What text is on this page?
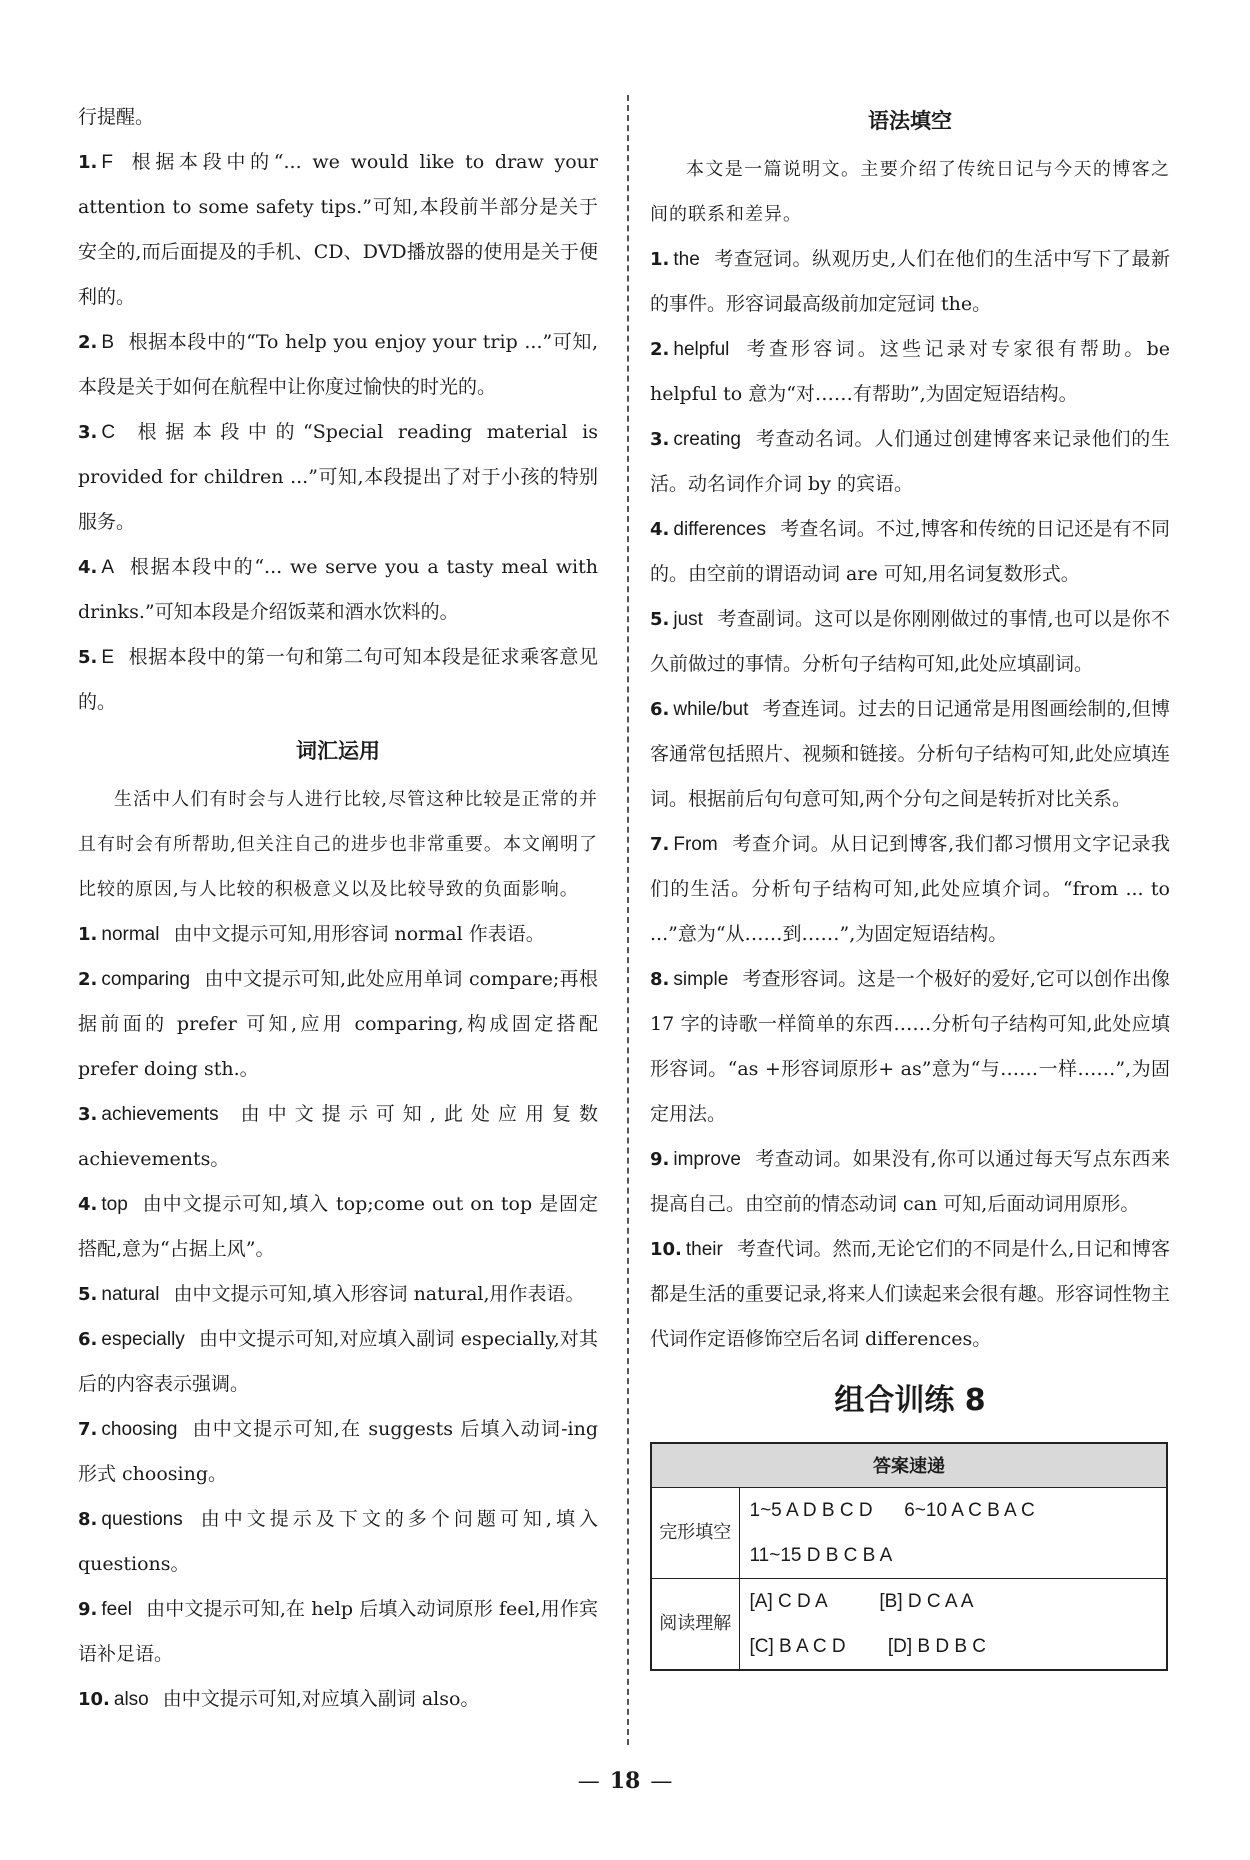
行提醒。

1. F 根据本段中的“... we would like to draw your attention to some safety tips.”可知,本段前半部分是关于安全的,而后面提及的手机、CD、DVD播放器的使用是关于便利的。

2. B 根据本段中的“To help you enjoy your trip ...”可知,本段是关于如何在航程中让你度过愉快的时光的。

3. C 根据本段中的“Special reading material is provided for children ...”可知,本段提出了对于小孩的特别服务。

4. A 根据本段中的“... we serve you a tasty meal with drinks.”可知本段是介绍饭菜和酒水饮料的。

5. E 根据本段中的第一句和第二句可知本段是征求乘客意见的。

词汇运用

生活中人们有时会与人进行比较,尽管这种比较是正常的并且有时会有所帮助,但关注自己的进步也非常重要。本文阐明了比较的原因,与人比较的积极意义以及比较导致的负面影响。

1. normal 由中文提示可知,用形容词 normal 作表语。

2. comparing 由中文提示可知,此处应用单词 compare;再根据前面的 prefer 可知,应用 comparing,构成固定搭配 prefer doing sth.。

3. achievements 由中文提示可知,此处应用复数 achievements。

4. top 由中文提示可知,填入 top;come out on top 是固定搭配,意为“占据上风”。

5. natural 由中文提示可知,填入形容词 natural,用作表语。

6. especially 由中文提示可知,对应填入副词 especially,对其后的内容表示强调。

7. choosing 由中文提示可知,在 suggests 后填入动词-ing 形式 choosing。

8. questions 由中文提示及下文的多个问题可知,填入 questions。

9. feel 由中文提示可知,在 help 后填入动词原形 feel,用作宾语补足语。

10. also 由中文提示可知,对应填入副词 also。

语法填空

本文是一篇说明文。主要介绍了传统日记与今天的博客之间的联系和差异。

1. the 考查冠词。纵观历史,人们在他们的生活中写下了最新的事件。形容词最高级前加定冠词 the。

2. helpful 考查形容词。这些记录对专家很有帮助。be helpful to 意为“对……有帮助”,为固定短语结构。

3. creating 考查动名词。人们通过创建博客来记录他们的生活。动名词作介词 by 的宾语。

4. differences 考查名词。不过,博客和传统的日记还是有不同的。由空前的谓语动词 are 可知,用名词复数形式。

5. just 考查副词。这可以是你刚刚做过的事情,也可以是你不久前做过的事情。分析句子结构可知,此处应填副词。

6. while/but 考查连词。过去的日记通常是用图画绘制的,但博客通常包括照片、视频和链接。分析句子结构可知,此处应填连词。根据前后句句意可知,两个分句之间是转折对比关系。

7. From 考查介词。从日记到博客,我们都习惯用文字记录我们的生活。分析句子结构可知,此处应填介词。“from ... to ...”意为“从……到……”,为固定短语结构。

8. simple 考查形容词。这是一个极好的爱好,它可以创作出像 17 字的诗歌一样简单的东西……分析句子结构可知,此处应填形容词。“as +形容词原形+ as”意为“与……一样……”,为固定用法。

9. improve 考查动词。如果没有,你可以通过每天写点东西来提高自己。由空前的情态动词 can 可知,后面动词用原形。

10. their 考查代词。然而,无论它们的不同是什么,日记和博客都是生活的重要记录,将来人们读起来会很有趣。形容词性物主代词作定语修饰空后名词 differences。

组合训练 8
答案速递	
完形填空	1~5 A D B C D      6~10 A C B A C
11~15 D B C B A

阅读理解	[A] C D A          [B] D C A A
[C] B A C D        [D] B D B C
— 18 —
